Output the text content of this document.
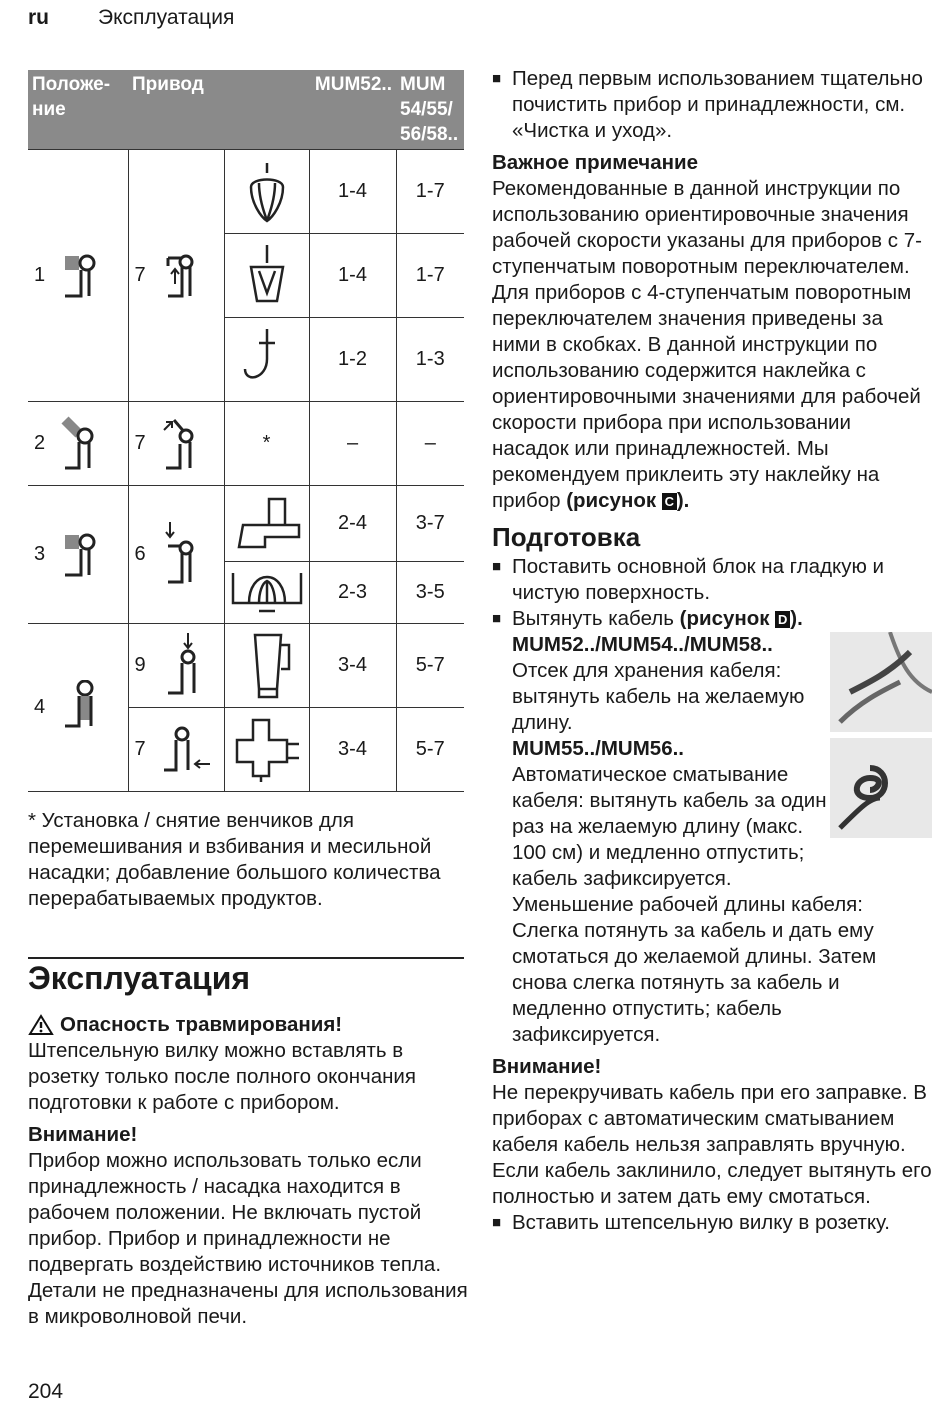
ru Эксплуатация
Положе-ние	Привод	MUM52..		MUM 54/55/ 56/58..

1	7		1-4	1-7

	1-4	1-7

	1-2	1-3

2	7	*	–	–

3	6		2-4	3-7

	2-3	3-5

4	9		3-4	5-7

	7		3-4	5-7
* Установка / снятие венчиков для перемешивания и взбивания и месильной насадки; добавление большого количества перерабатываемых продуктов.
Эксплуатация
Опасность травмирования!
Штепсельную вилку можно вставлять в розетку только после полного окончания подготовки к работе с прибором.
Внимание!
Прибор можно использовать только если принадлежность / насадка находится в рабочем положении. Не включать пустой прибор. Прибор и принадлежности не подвергать воздействию источников тепла. Детали не предназначены для использования в микроволновой печи.

■ Перед первым использованием тщательно почистить прибор и принадлежности, см. «Чистка и уход».

Важное примечание

Рекомендованные в данной инструкции по использованию ориентировочные значения рабочей скорости указаны для приборов с 7-ступенчатым поворотным переключателем. Для приборов с 4-ступенчатым поворотным переключателем значения приведены за ними в скобках. В данной инструкции по использованию содержится наклейка с ориентировочными значениями для рабочей скорости прибора при использовании насадок или принадлежностей. Мы рекомендуем приклеить эту наклейку на прибор (рисунок C ).

Подготовка

■ Поставить основной блок на гладкую и чистую поверхность.

■ Вытянуть кабель (рисунок D ).

MUM52../MUM54../MUM58..

Отсек для хранения кабеля: вытянуть кабель на желаемую длину.

MUM55../MUM56..

Автоматическое сматывание кабеля: вытянуть кабель за один раз на желаемую длину (макс. 100 см) и медленно отпустить; кабель зафиксируется.

Уменьшение рабочей длины кабеля: Слегка потянуть за кабель и дать ему смотаться до желаемой длины. Затем снова слегка потянуть за кабель и медленно отпустить; кабель зафиксируется.

Внимание!

Не перекручивать кабель при его заправке. В приборах с автоматическим сматыванием кабеля кабель нельзя заправлять вручную. Если кабель заклинило, следует вытянуть его полностью и затем дать ему смотаться.

■ Вставить штепсельную вилку в розетку.

204
